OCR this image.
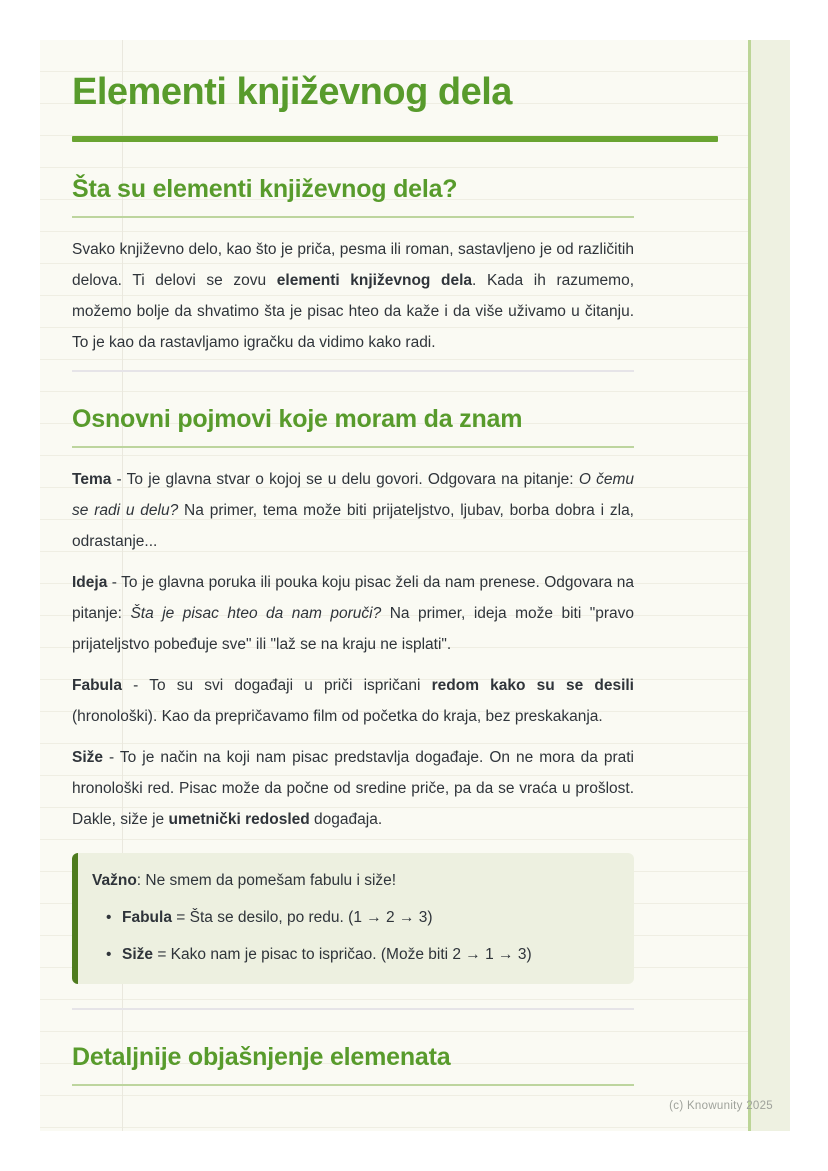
Elementi književnog dela
Šta su elementi književnog dela?

Svako književno delo, kao što je priča, pesma ili roman, sastavljeno je od različitih delova. Ti delovi se zovu elementi književnog dela. Kada ih razumemo, možemo bolje da shvatimo šta je pisac hteo da kaže i da više uživamo u čitanju. To je kao da rastavljamo igračku da vidimo kako radi.

Osnovni pojmovi koje moram da znam

Tema - To je glavna stvar o kojoj se u delu govori. Odgovara na pitanje: O čemu se radi u delu? Na primer, tema može biti prijateljstvo, ljubav, borba dobra i zla, odrastanje...

Ideja - To je glavna poruka ili pouka koju pisac želi da nam prenese. Odgovara na pitanje: Šta je pisac hteo da nam poruči? Na primer, ideja može biti "pravo prijateljstvo pobeđuje sve" ili "laž se na kraju ne isplati".

Fabula - To su svi događaji u priči ispričani redom kako su se desili (hronološki). Kao da prepričavamo film od početka do kraja, bez preskakanja.

Siže - To je način na koji nam pisac predstavlja događaje. On ne mora da prati hronološki red. Pisac može da počne od sredine priče, pa da se vraća u prošlost. Dakle, siže je umetnički redosled događaja.

Važno: Ne smem da pomešam fabulu i siže!

• Fabula = Šta se desilo, po redu. (1 → 2 → 3)
• Siže = Kako nam je pisac to ispričao. (Može biti 2 → 1 → 3)
Detaljnije objašnjenje elemenata
(c) Knowunity 2025
